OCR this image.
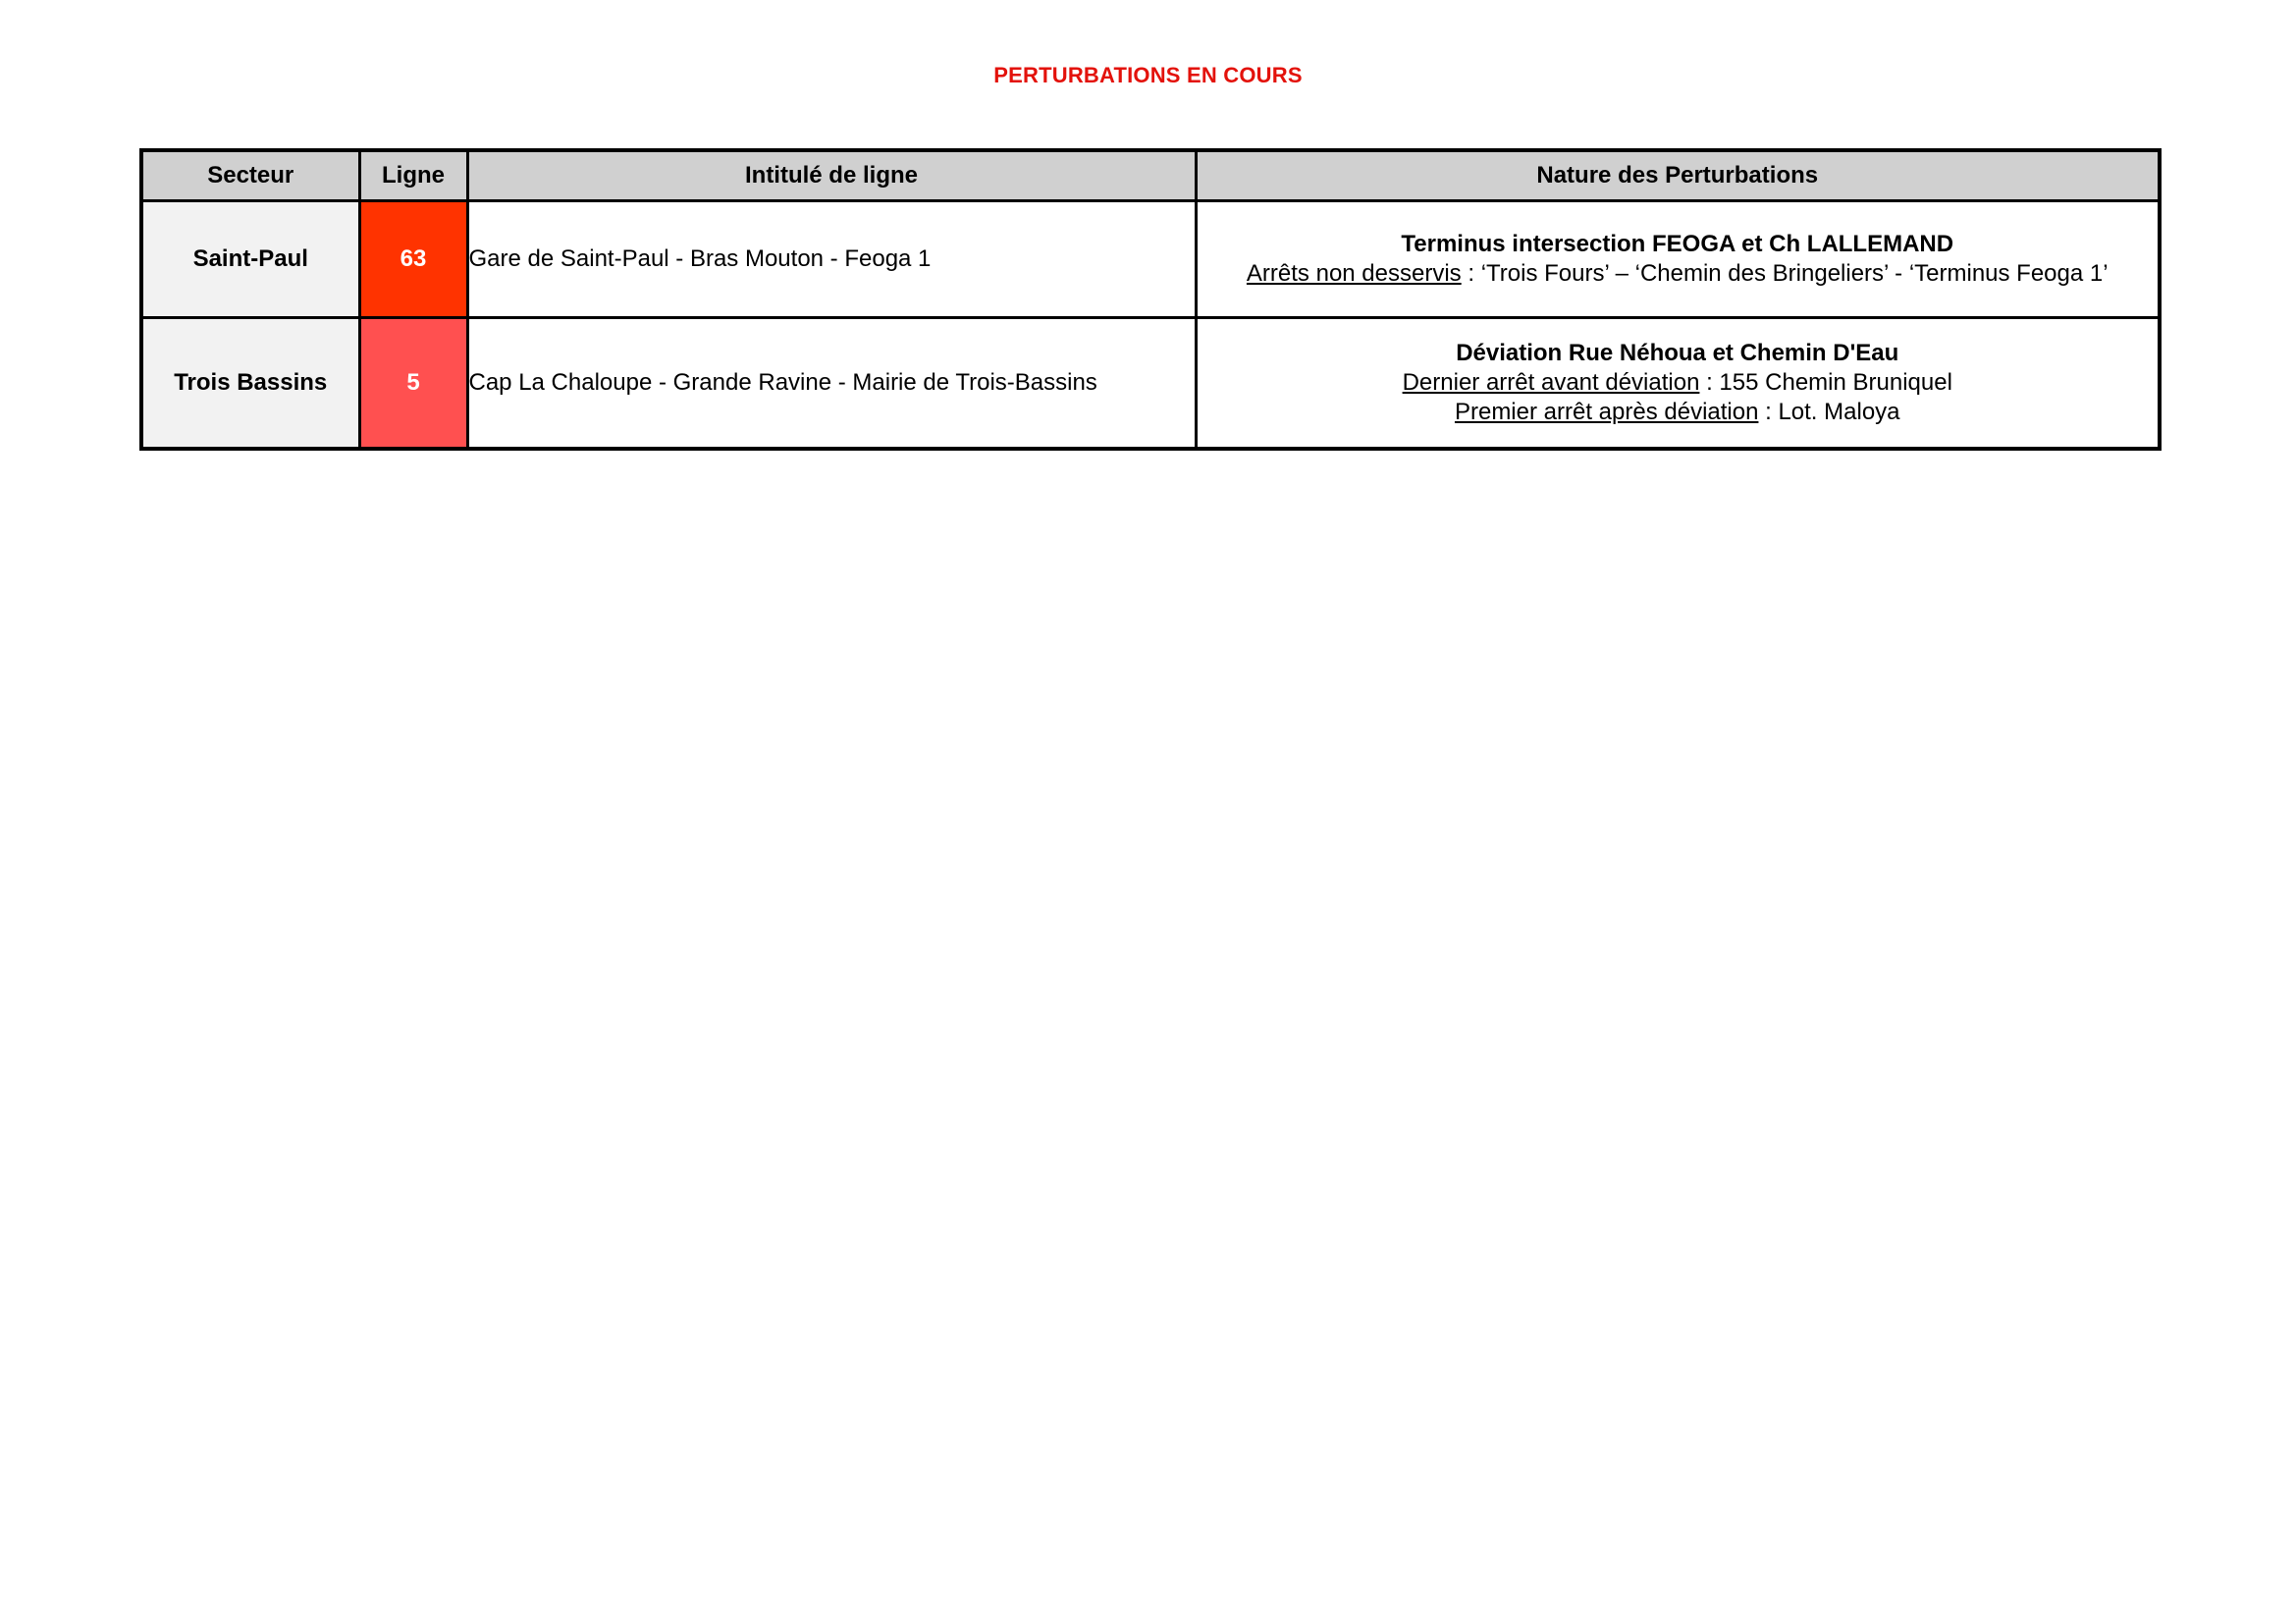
PERTURBATIONS EN COURS
Secteur	Ligne	Intitulé de ligne	Nature des Perturbations
Saint-Paul	63	Gare de Saint-Paul - Bras Mouton - Feoga 1	Terminus intersection FEOGA et Ch LALLEMAND
Arrêts non desservis : ‘Trois Fours’ – ‘Chemin des Bringeliers’ - ‘Terminus Feoga 1’

Trois Bassins	5	Cap La Chaloupe - Grande Ravine - Mairie de Trois-Bassins	Déviation Rue Néhoua et Chemin D'Eau
Dernier arrêt avant déviation : 155 Chemin Bruniquel
Premier arrêt après déviation : Lot. Maloya
